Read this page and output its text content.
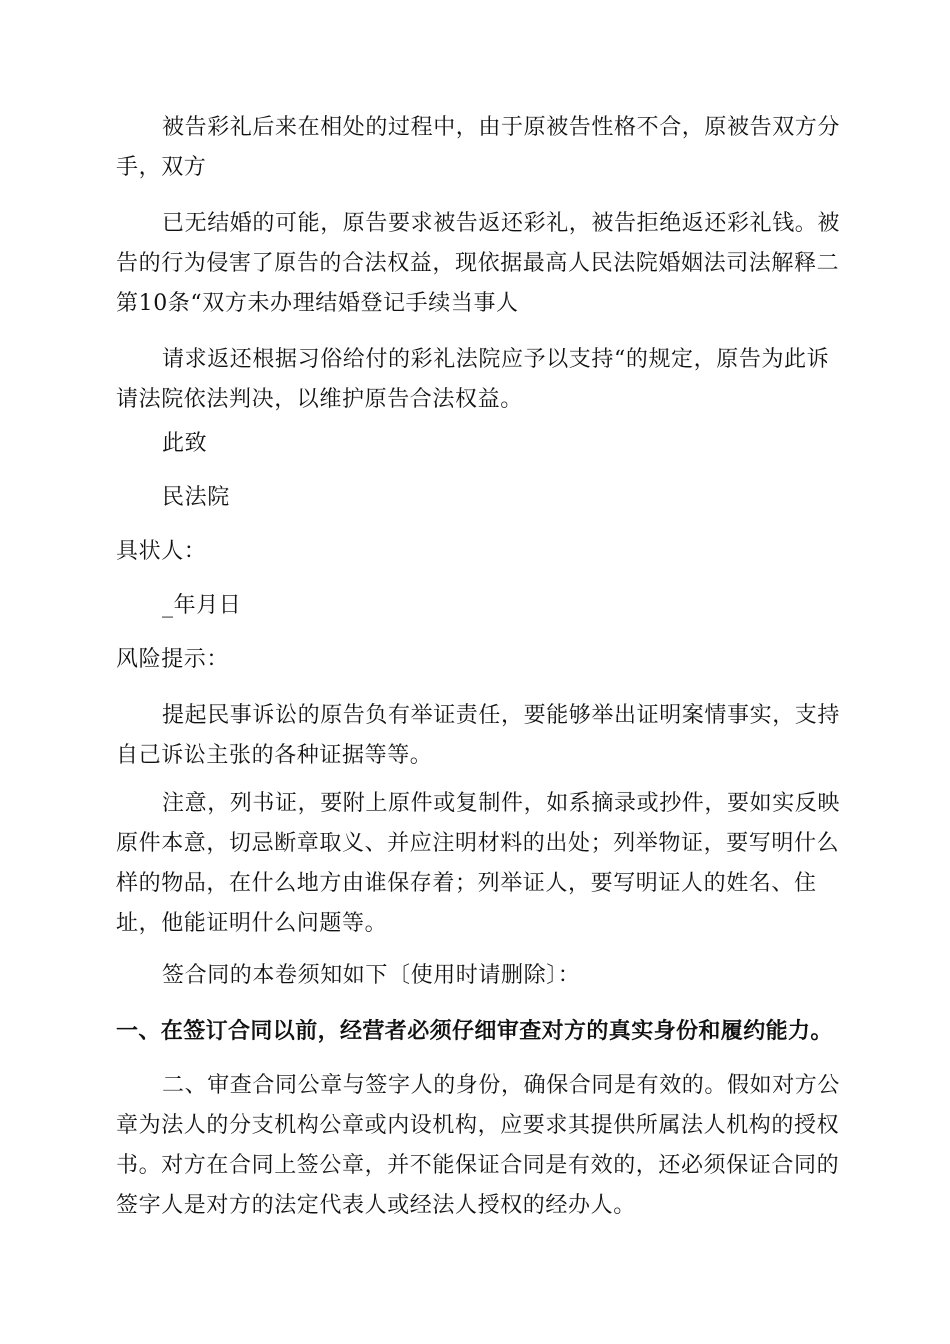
被告彩礼后来在相处的过程中，由于原被告性格不合，原被告双方分
手，双方
已无结婚的可能，原告要求被告返还彩礼，被告拒绝返还彩礼钱。被
告的行为侵害了原告的合法权益，现依据最高人民法院婚姻法司法解释二
第10条“双方未办理结婚登记手续当事人
请求返还根据习俗给付的彩礼法院应予以支持“的规定，原告为此诉
请法院依法判决，以维护原告合法权益。
此致
民法院
具状人：
_年月日
风险提示：
提起民事诉讼的原告负有举证责任，要能够举出证明案情事实，支持
自己诉讼主张的各种证据等等。
注意，列书证，要附上原件或复制件，如系摘录或抄件，要如实反映
原件本意，切忌断章取义、并应注明材料的出处；列举物证，要写明什么
样的物品，在什么地方由谁保存着；列举证人，要写明证人的姓名、住
址，他能证明什么问题等。
签合同的本卷须知如下〔使用时请删除〕：
一、在签订合同以前，经营者必须仔细审查对方的真实身份和履约能力。
二、审查合同公章与签字人的身份，确保合同是有效的。假如对方公
章为法人的分支机构公章或内设机构，应要求其提供所属法人机构的授权
书。对方在合同上签公章，并不能保证合同是有效的，还必须保证合同的
签字人是对方的法定代表人或经法人授权的经办人。
